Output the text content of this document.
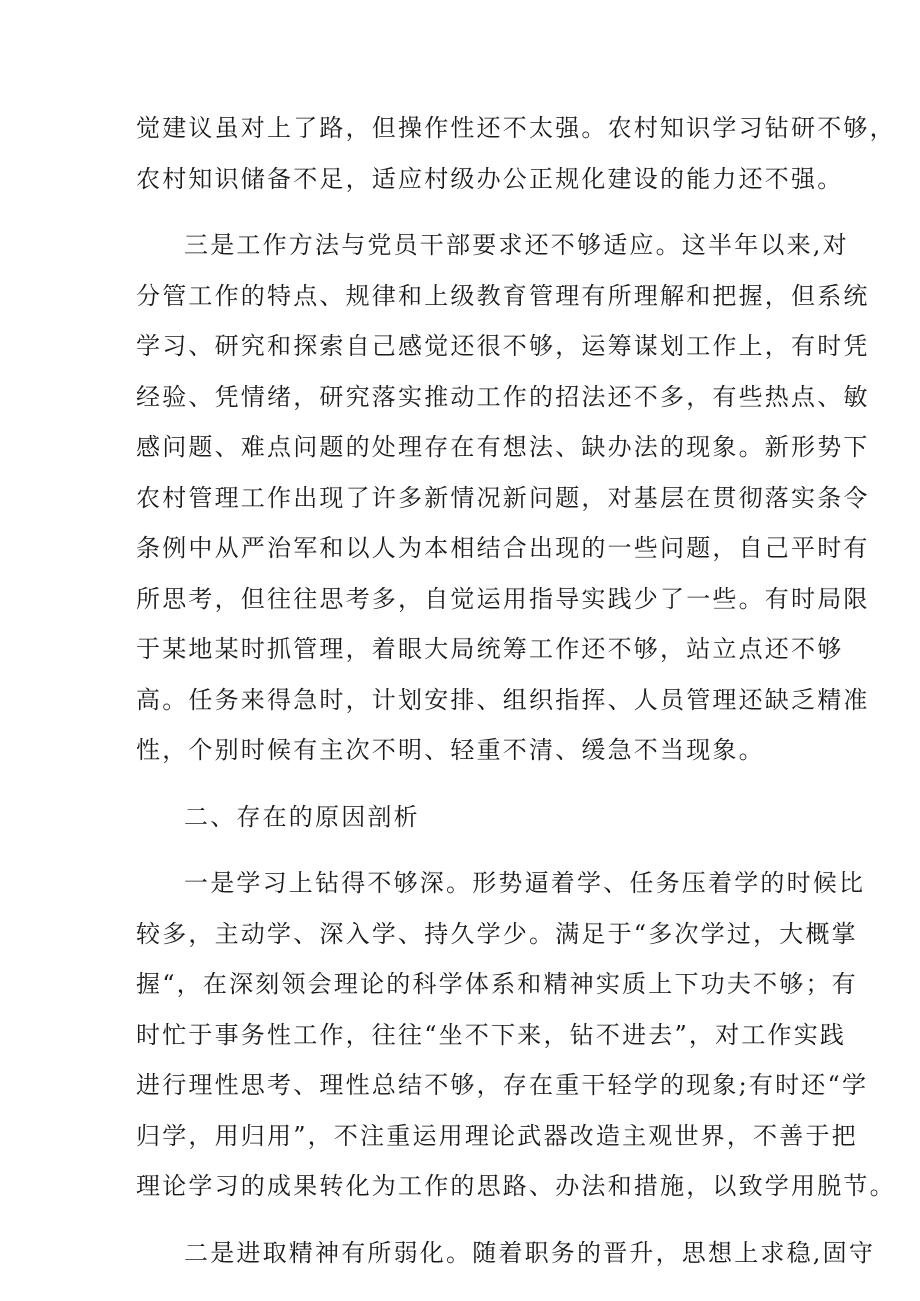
觉建议虽对上了路，但操作性还不太强。农村知识学习钻研不够，
农村知识储备不足，适应村级办公正规化建设的能力还不强。
三是工作方法与党员干部要求还不够适应。这半年以来,对
分管工作的特点、规律和上级教育管理有所理解和把握，但系统
学习、研究和探索自己感觉还很不够，运筹谋划工作上，有时凭
经验、凭情绪，研究落实推动工作的招法还不多，有些热点、敏
感问题、难点问题的处理存在有想法、缺办法的现象。新形势下
农村管理工作出现了许多新情况新问题，对基层在贯彻落实条令
条例中从严治军和以人为本相结合出现的一些问题，自己平时有
所思考，但往往思考多，自觉运用指导实践少了一些。有时局限
于某地某时抓管理，着眼大局统筹工作还不够，站立点还不够
高。任务来得急时，计划安排、组织指挥、人员管理还缺乏精准
性，个别时候有主次不明、轻重不清、缓急不当现象。
二、存在的原因剖析
一是学习上钻得不够深。形势逼着学、任务压着学的时候比
较多，主动学、深入学、持久学少。满足于“多次学过，大概掌
握“，在深刻领会理论的科学体系和精神实质上下功夫不够；有
时忙于事务性工作，往往“坐不下来，钻不进去”，对工作实践
进行理性思考、理性总结不够，存在重干轻学的现象;有时还“学
归学，用归用”，不注重运用理论武器改造主观世界，不善于把
理论学习的成果转化为工作的思路、办法和措施，以致学用脱节。
二是进取精神有所弱化。随着职务的晋升，思想上求稳,固守
